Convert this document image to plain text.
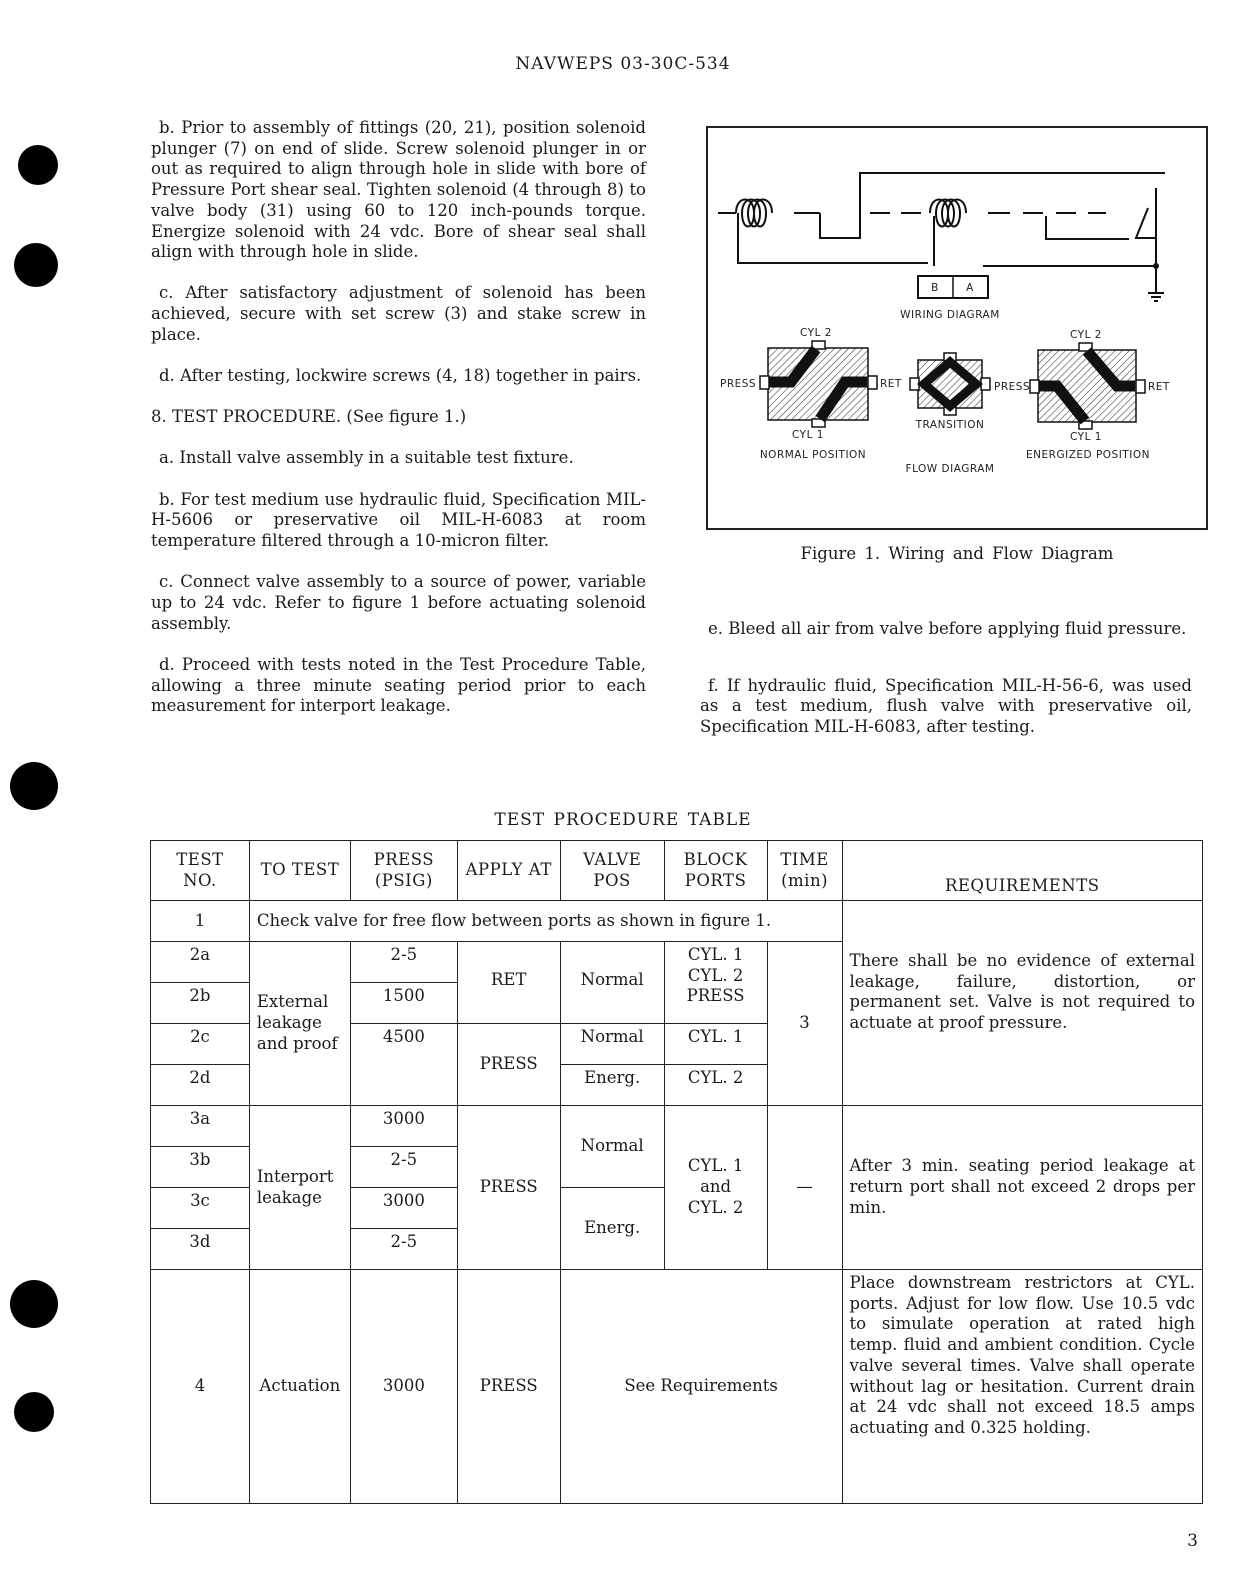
NAVWEPS 03-30C-534

b. Prior to assembly of fittings (20, 21), position solenoid plunger (7) on end of slide. Screw solenoid plunger in or out as required to align through hole in slide with bore of Pressure Port shear seal. Tighten solenoid (4 through 8) to valve body (31) using 60 to 120 inch-pounds torque. Energize solenoid with 24 vdc. Bore of shear seal shall align with through hole in slide.

c. After satisfactory adjustment of solenoid has been achieved, secure with set screw (3) and stake screw in place.

d. After testing, lockwire screws (4, 18) together in pairs.

8. TEST PROCEDURE. (See figure 1.)

a. Install valve assembly in a suitable test fixture.

b. For test medium use hydraulic fluid, Specification MIL-H-5606 or preservative oil MIL-H-6083 at room temperature filtered through a 10-micron filter.

c. Connect valve assembly to a source of power, variable up to 24 vdc. Refer to figure 1 before actuating solenoid assembly.

d. Proceed with tests noted in the Test Procedure Table, allowing a three minute seating period prior to each measurement for interport leakage.

e. Bleed all air from valve before applying fluid pressure.

f. If hydraulic fluid, Specification MIL-H-56-6, was used as a test medium, flush valve with preservative oil, Specification MIL-H-6083, after testing.

B	A
WIRING DIAGRAM
CYL 2
PRESS	RET
CYL 1
NORMAL POSITION
TRANSITION
FLOW DIAGRAM
CYL 2
PRESS	RET
CYL 1
ENERGIZED POSITION
Figure 1. Wiring and Flow Diagram
TEST PROCEDURE TABLE
TEST NO.	TO TEST	PRESS (PSIG)	APPLY AT	VALVE POS	BLOCK PORTS	TIME (min)	REQUIREMENTS
1	Check valve for free flow between ports as shown in figure 1.						There shall be no evidence of external leakage, failure, distortion, or permanent set. Valve is not required to actuate at proof pressure.
2a	External leakage and proof	2-5	RET	Normal	CYL. 1 CYL. 2 PRESS	3	
2b		1500					
2c		4500	PRESS	Normal	CYL. 1		
2d				Energ.	CYL. 2		
3a	Interport leakage	3000	PRESS	Normal	CYL. 1 and CYL. 2	—	After 3 min. seating period leakage at return port shall not exceed 2 drops per min.
3b		2-5					
3c		3000		Energ.			
3d		2-5					
4	Actuation	3000	PRESS	See Requirements			Place downstream restrictors at CYL. ports. Adjust for low flow. Use 10.5 vdc to simulate operation at rated high temp. fluid and ambient condition. Cycle valve several times. Valve shall operate without lag or hesitation. Current drain at 24 vdc shall not exceed 18.5 amps actuating and 0.325 holding.
3
